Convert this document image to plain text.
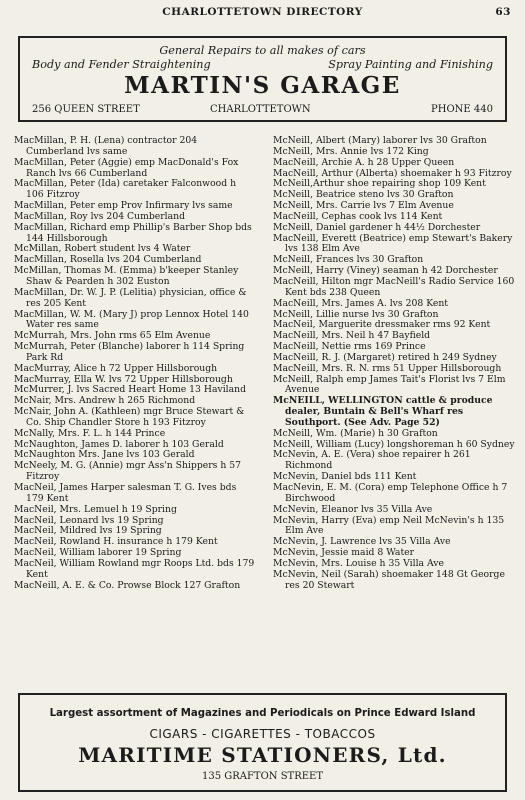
CHARLOTTETOWN DIRECTORY	63
General Repairs to all makes of cars
Body and Fender Straightening	Spray Painting and Finishing
MARTIN'S GARAGE
256 QUEEN STREET	CHARLOTTETOWN	PHONE 440

MacMillan, P. H. (Lena) contractor 204 Cumberland lvs same

MacMillan, Peter (Aggie) emp MacDonald's Fox Ranch lvs 66 Cumberland

MacMillan, Peter (Ida) caretaker Falconwood h 106 Fitzroy

MacMillan, Peter emp Prov Infirmary lvs same

MacMillan, Roy lvs 204 Cumberland

MacMillan, Richard emp Phillip's Barber Shop bds 144 Hillsborough

McMillan, Robert student lvs 4 Water

MacMillan, Rosella lvs 204 Cumberland

McMillan, Thomas M. (Emma) b'keeper Stanley Shaw & Pearden h 302 Euston

MacMillan, Dr. W. J. P. (Lelitia) physician, office & res 205 Kent

MacMillan, W. M. (Mary J) prop Lennox Hotel 140 Water res same

McMurrah, Mrs. John rms 65 Elm Avenue

McMurrah, Peter (Blanche) laborer h 114 Spring Park Rd

MacMurray, Alice h 72 Upper Hillsborough

MacMurray, Ella W. lvs 72 Upper Hillsborough

McMurrer, J. lvs Sacred Heart Home 13 Haviland

McNair, Mrs. Andrew h 265 Richmond

McNair, John A. (Kathleen) mgr Bruce Stewart & Co. Ship Chandler Store h 193 Fitzroy

McNally, Mrs. F. L. h 144 Prince

McNaughton, James D. laborer h 103 Gerald

McNaughton Mrs. Jane lvs 103 Gerald

McNeely, M. G. (Annie) mgr Ass'n Shippers h 57 Fitzroy

MacNeil, James Harper salesman T. G. Ives bds 179 Kent

MacNeil, Mrs. Lemuel h 19 Spring

MacNeil, Leonard lvs 19 Spring

MacNeil, Mildred lvs 19 Spring

MacNeil, Rowland H. insurance h 179 Kent

MacNeil, William laborer 19 Spring

MacNeil, William Rowland mgr Roops Ltd. bds 179 Kent

MacNeill, A. E. & Co. Prowse Block 127 Grafton

McNeill, Albert (Mary) laborer lvs 30 Grafton

McNeill, Mrs. Annie lvs 172 King

MacNeill, Archie A. h 28 Upper Queen

MacNeill, Arthur (Alberta) shoemaker h 93 Fitzroy

McNeill,Arthur shoe repairing shop 109 Kent

McNeill, Beatrice steno lvs 30 Grafton

McNeill, Mrs. Carrie lvs 7 Elm Avenue

MacNeill, Cephas cook lvs 114 Kent

McNeill, Daniel gardener h 44½ Dorchester

MacNeill, Everett (Beatrice) emp Stewart's Bakery lvs 138 Elm Ave

McNeill, Frances lvs 30 Grafton

McNeill, Harry (Viney) seaman h 42 Dorchester

MacNeill, Hilton mgr MacNeill's Radio Service 160 Kent bds 238 Queen

MacNeill, Mrs. James A. lvs 208 Kent

McNeill, Lillie nurse lvs 30 Grafton

MacNeil, Marguerite dressmaker rms 92 Kent

MacNeill, Mrs. Neil h 47 Bayfield

MacNeill, Nettie rms 169 Prince

MacNeill, R. J. (Margaret) retired h 249 Sydney

MacNeill, Mrs. R. N. rms 51 Upper Hillsborough

McNeill, Ralph emp James Tait's Florist lvs 7 Elm Avenue

McNEILL, WELLINGTON cattle & produce dealer, Buntain & Bell's Wharf res Southport. (See Adv. Page 52)

McNeill, Wm. (Marie) h 30 Grafton

McNeill, William (Lucy) longshoreman h 60 Sydney

McNevin, A. E. (Vera) shoe repairer h 261 Richmond

McNevin, Daniel bds 111 Kent

MacNevin, E. M. (Cora) emp Telephone Office h 7 Birchwood

McNevin, Eleanor lvs 35 Villa Ave

McNevin, Harry (Eva) emp Neil McNevin's h 135 Elm Ave

McNevin, J. Lawrence lvs 35 Villa Ave

McNevin, Jessie maid 8 Water

McNevin, Mrs. Louise h 35 Villa Ave

McNevin, Neil (Sarah) shoemaker 148 Gt George res 20 Stewart

Largest assortment of Magazines and Periodicals on Prince Edward Island
CIGARS - CIGARETTES - TOBACCOS
MARITIME STATIONERS, Ltd.
135 GRAFTON STREET
